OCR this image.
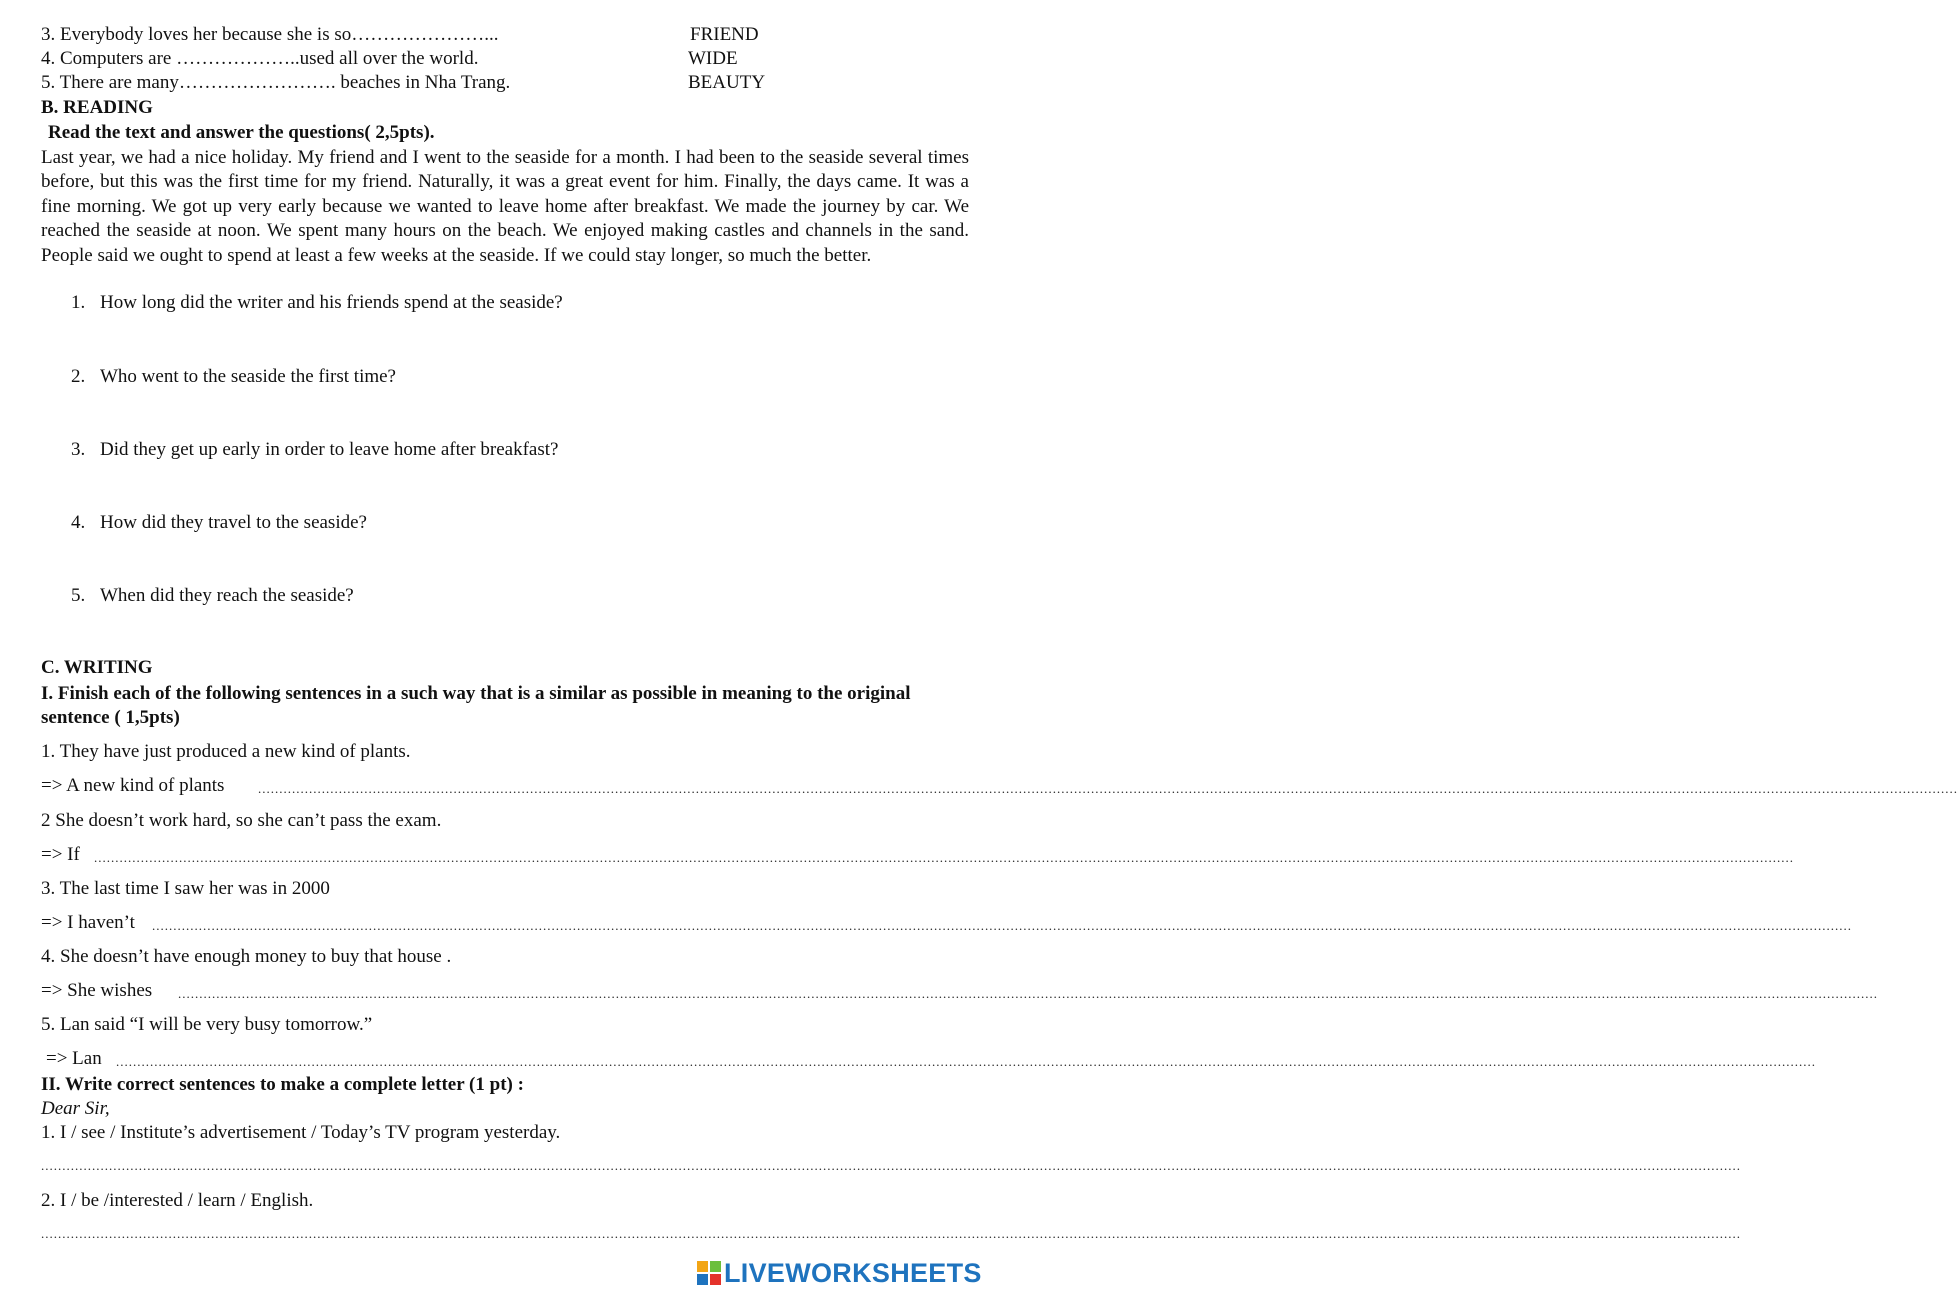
3. Everybody loves her because she is so…………………...	FRIEND
4. Computers are ………………..used all over the world.	WIDE
5. There are many……………………. beaches in Nha Trang.	BEAUTY
B. READING
Read the text and answer the questions( 2,5pts).
Last year, we had a nice holiday. My friend and I went to the seaside for a month. I had been to the seaside several times before, but this was the first time for my friend. Naturally, it was a great event for him. Finally, the days came. It was a fine morning. We got up very early because we wanted to leave home after breakfast. We made the journey by car. We reached the seaside at noon. We spent many hours on the beach. We enjoyed making castles and channels in the sand. People said we ought to spend at least a few weeks at the seaside. If we could stay longer, so much the better.
1. How long did the writer and his friends spend at the seaside?
2. Who went to the seaside the first time?
3. Did they get up early in order to leave home after breakfast?
4. How did they travel to the seaside?
5. When did they reach the seaside?
C. WRITING
I. Finish each of the following sentences in a such way that is a similar as possible in meaning to the original sentence ( 1,5pts)
1. They have just produced a new kind of plants.
=> A new kind of plants	................................................................................................................................................................................................................................................................................................................................................................................................................
2 She doesn’t work hard, so she can’t pass the exam.
=> If ................................................................................................................................................................................................................................................................................................................................................................................................................
3. The last time I saw her was in 2000
=> I haven’t ................................................................................................................................................................................................................................................................................................................................................................................................................
4. She doesn’t have enough money to buy that house .
=> She wishes ................................................................................................................................................................................................................................................................................................................................................................................................................
5. Lan said “I will be very busy tomorrow.”
=> Lan ................................................................................................................................................................................................................................................................................................................................................................................................................
II. Write correct sentences to make a complete letter (1 pt) :
Dear Sir,
1. I / see / Institute’s advertisement / Today’s TV program yesterday.
................................................................................................................................................................................................................................................................................................................................................................................................................
2. I / be /interested / learn / English.
................................................................................................................................................................................................................................................................................................................................................................................................................
LIVEWORKSHEETS
